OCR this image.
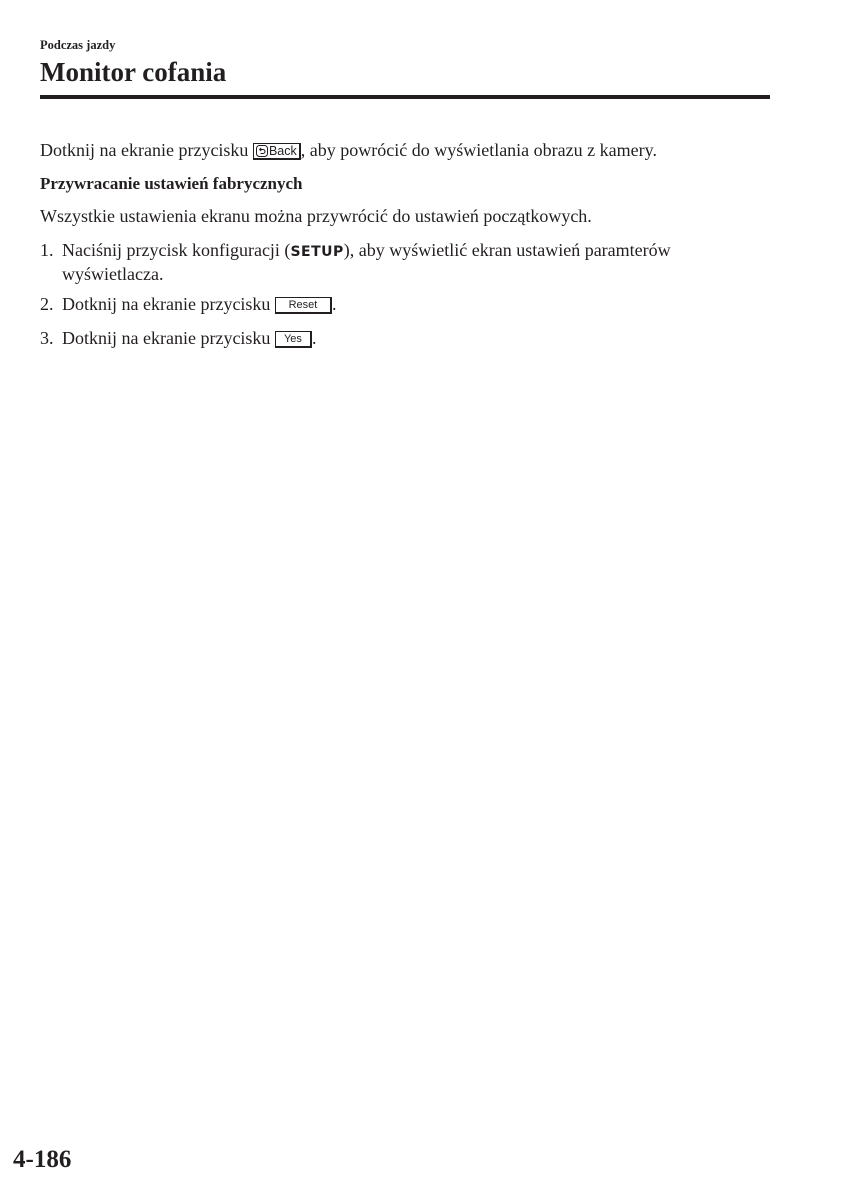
Podczas jazdy
Monitor cofania

Dotknij na ekranie przycisku Back , aby powrócić do wyświetlania obrazu z kamery.

Przywracanie ustawień fabrycznych

Wszystkie ustawienia ekranu można przywrócić do ustawień początkowych.

1. Naciśnij przycisk konfiguracji (SETUP), aby wyświetlić ekran ustawień paramterów
wyświetlacza.
2. Dotknij na ekranie przycisku Reset .
3. Dotknij na ekranie przycisku Yes .
4-186
